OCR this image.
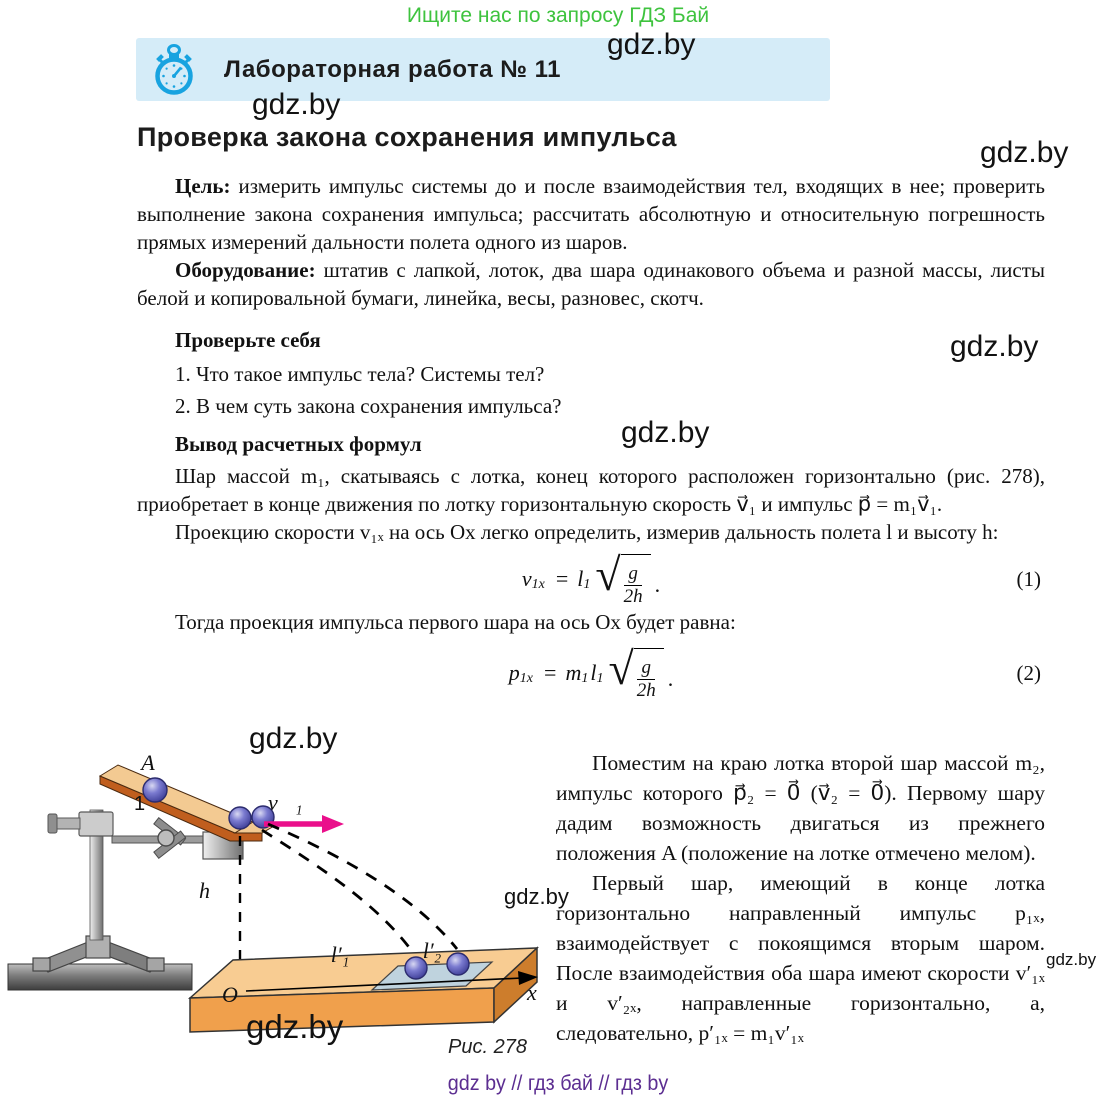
Ищите нас по запросу ГДЗ Бай
Лабораторная работа № 11
Проверка закона сохранения импульса

Цель: измерить импульс системы до и после взаимодействия тел, входящих в нее; проверить выполнение закона сохранения импульса; рассчитать абсолютную и относительную погрешность прямых измерений дальности полета одного из шаров.

Оборудование: штатив с лапкой, лоток, два шара одинакового объема и разной массы, листы белой и копировальной бумаги, линейка, весы, разновес, скотч.

Проверьте себя

1. Что такое импульс тела? Системы тел?

2. В чем суть закона сохранения импульса?

Вывод расчетных формул

Шар массой m₁, скатываясь с лотка, конец которого расположен горизонтально (рис. 278), приобретает в конце движения по лотку горизонтальную скорость v⃗₁ и импульс p⃗ = m₁v⃗₁.

Проекцию скорости v₁ₓ на ось Ox легко определить, измерив дальность полета l и высоту h:

$v_{1x} = l_1$ √ $\frac{g}{2h}$ .	(1)

Тогда проекция импульса первого шара на ось Ox будет равна:

$p_{1x} = m_1$ $l_1$ √ $\frac{g}{2h}$ .	(2)
A
1	v⃗₁
h
O
l′₁	l′₂
x

Поместим на краю лотка второй шар массой m₂, импульс которого p⃗₂ = 0⃗ (v⃗₂ = 0⃗). Первому шару дадим возможность двигаться из прежнего положения A (положение на лотке отмечено мелом).

Первый шар, имеющий в конце лотка горизонтально направленный импульс p₁ₓ, взаимодействует с покоящимся вторым шаром. После взаимодействия оба шара имеют скорости v′₁ₓ и v′₂ₓ, направленные горизонтально, а, следовательно, p′₁ₓ = m₁v′₁ₓ

Рис. 278
gdz.by
gdz.by
gdz.by
gdz.by
gdz.by
gdz.by
gdz.by
gdz.by
gdz.by
gdz by // гдз бай // гдз by
